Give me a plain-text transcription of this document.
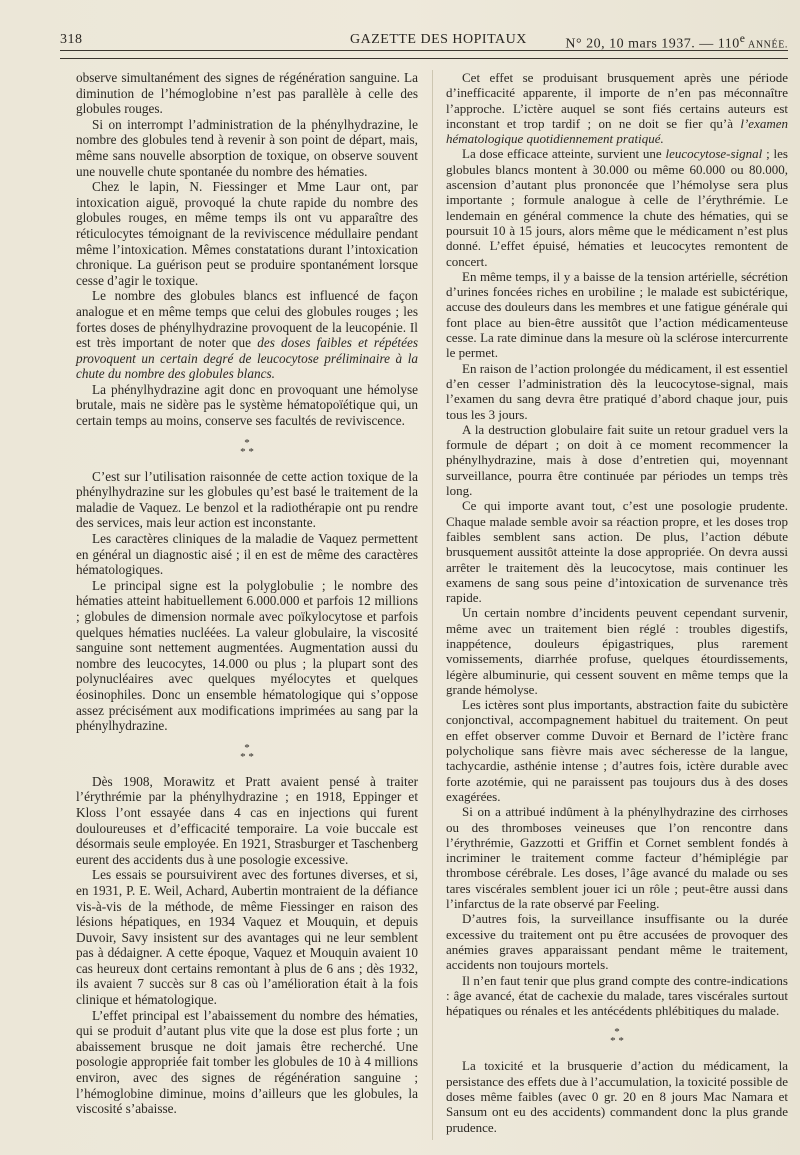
318	GAZETTE DES HOPITAUX	N° 20, 10 mars 1937. — 110e ANNÉE.

observe simultanément des signes de régénération sanguine. La diminution de l’hémoglobine n’est pas parallèle à celle des globules rouges.

Si on interrompt l’administration de la phénylhydrazine, le nombre des globules tend à revenir à son point de départ, mais, même sans nouvelle absorption de toxique, on observe souvent une nouvelle chute spontanée du nombre des hématies.

Chez le lapin, N. Fiessinger et Mme Laur ont, par intoxication aiguë, provoqué la chute rapide du nombre des globules rouges, en même temps ils ont vu apparaître des réticulocytes témoignant de la reviviscence médullaire pendant même l’intoxication. Mêmes constatations durant l’intoxication chronique. La guérison peut se produire spontanément lorsque cesse d’agir le toxique.

Le nombre des globules blancs est influencé de façon analogue et en même temps que celui des globules rouges ; les fortes doses de phénylhydrazine provoquent de la leucopénie. Il est très important de noter que des doses faibles et répétées provoquent un certain degré de leucocytose préliminaire à la chute du nombre des globules blancs.

La phénylhydrazine agit donc en provoquant une hémolyse brutale, mais ne sidère pas le système hématopoïétique qui, un certain temps au moins, conserve ses facultés de reviviscence.

*
* *

C’est sur l’utilisation raisonnée de cette action toxique de la phénylhydrazine sur les globules qu’est basé le traitement de la maladie de Vaquez. Le benzol et la radiothérapie ont pu rendre des services, mais leur action est inconstante.

Les caractères cliniques de la maladie de Vaquez permettent en général un diagnostic aisé ; il en est de même des caractères hématologiques.

Le principal signe est la polyglobulie ; le nombre des hématies atteint habituellement 6.000.000 et parfois 12 millions ; globules de dimension normale avec poïkylocytose et parfois quelques hématies nucléées. La valeur globulaire, la viscosité sanguine sont nettement augmentées. Augmentation aussi du nombre des leucocytes, 14.000 ou plus ; la plupart sont des polynucléaires avec quelques myélocytes et quelques éosinophiles. Donc un ensemble hématologique qui s’oppose assez précisément aux modifications imprimées au sang par la phénylhydrazine.

*
* *

Dès 1908, Morawitz et Pratt avaient pensé à traiter l’érythrémie par la phénylhydrazine ; en 1918, Eppinger et Kloss l’ont essayée dans 4 cas en injections qui furent douloureuses et d’efficacité temporaire. La voie buccale est désormais seule employée. En 1921, Strasburger et Taschenberg eurent des accidents dus à une posologie excessive.

Les essais se poursuivirent avec des fortunes diverses, et si, en 1931, P. E. Weil, Achard, Aubertin montraient de la défiance vis-à-vis de la méthode, de même Fiessinger en raison des lésions hépatiques, en 1934 Vaquez et Mouquin, et depuis Duvoir, Savy insistent sur des avantages qui ne leur semblent pas à dédaigner. A cette époque, Vaquez et Mouquin avaient 10 cas heureux dont certains remontant à plus de 6 ans ; dès 1932, ils avaient 7 succès sur 8 cas où l’amélioration était à la fois clinique et hématologique.

L’effet principal est l’abaissement du nombre des hématies, qui se produit d’autant plus vite que la dose est plus forte ; un abaissement brusque ne doit jamais être recherché. Une posologie appropriée fait tomber les globules de 10 à 4 millions environ, avec des signes de régénération sanguine ; l’hémoglobine diminue, moins d’ailleurs que les globules, la viscosité s’abaisse.

Cet effet se produisant brusquement après une période d’inefficacité apparente, il importe de n’en pas méconnaître l’approche. L’ictère auquel se sont fiés certains auteurs est inconstant et trop tardif ; on ne doit se fier qu’à l’examen hématologique quotidiennement pratiqué.

La dose efficace atteinte, survient une leucocytose-signal ; les globules blancs montent à 30.000 ou même 60.000 ou 80.000, ascension d’autant plus prononcée que l’hémolyse sera plus importante ; formule analogue à celle de l’érythrémie. Le lendemain en général commence la chute des hématies, qui se poursuit 10 à 15 jours, alors même que le médicament n’est plus donné. L’effet épuisé, hématies et leucocytes remontent de concert.

En même temps, il y a baisse de la tension artérielle, sécrétion d’urines foncées riches en urobiline ; le malade est subictérique, accuse des douleurs dans les membres et une fatigue générale qui font place au bien-être aussitôt que l’action médicamenteuse cesse. La rate diminue dans la mesure où la sclérose intercurrente le permet.

En raison de l’action prolongée du médicament, il est essentiel d’en cesser l’administration dès la leucocytose-signal, mais l’examen du sang devra être pratiqué d’abord chaque jour, puis tous les 3 jours.

A la destruction globulaire fait suite un retour graduel vers la formule de départ ; on doit à ce moment recommencer la phénylhydrazine, mais à dose d’entretien qui, moyennant surveillance, pourra être continuée par périodes un temps très long.

Ce qui importe avant tout, c’est une posologie prudente. Chaque malade semble avoir sa réaction propre, et les doses trop faibles semblent sans action. De plus, l’action débute brusquement aussitôt atteinte la dose appropriée. On devra aussi arrêter le traitement dès la leucocytose, mais continuer les examens de sang sous peine d’intoxication de survenance très rapide.

Un certain nombre d’incidents peuvent cependant survenir, même avec un traitement bien réglé : troubles digestifs, inappétence, douleurs épigastriques, plus rarement vomissements, diarrhée profuse, quelques étourdissements, légère albuminurie, qui cessent souvent en même temps que la grande hémolyse.

Les ictères sont plus importants, abstraction faite du subictère conjonctival, accompagnement habituel du traitement. On peut en effet observer comme Duvoir et Bernard de l’ictère franc polycholique sans fièvre mais avec sécheresse de la langue, tachycardie, asthénie intense ; d’autres fois, ictère durable avec forte azotémie, qui ne paraissent pas toujours dus à des doses exagérées.

Si on a attribué indûment à la phénylhydrazine des cirrhoses ou des thromboses veineuses que l’on rencontre dans l’érythrémie, Gazzotti et Griffin et Cornet semblent fondés à incriminer le traitement comme facteur d’hémiplégie par thrombose cérébrale. Les doses, l’âge avancé du malade ou ses tares viscérales semblent jouer ici un rôle ; peut-être aussi dans l’infarctus de la rate observé par Feeling.

D’autres fois, la surveillance insuffisante ou la durée excessive du traitement ont pu être accusées de provoquer des anémies graves apparaissant pendant même le traitement, accidents non toujours mortels.

Il n’en faut tenir que plus grand compte des contre-indications : âge avancé, état de cachexie du malade, tares viscérales surtout hépatiques ou rénales et les antécédents phlébitiques du malade.

*
* *

La toxicité et la brusquerie d’action du médicament, la persistance des effets due à l’accumulation, la toxicité possible de doses même faibles (avec 0 gr. 20 en 8 jours Mac Namara et Sansum ont eu des accidents) commandent donc la plus grande prudence.
